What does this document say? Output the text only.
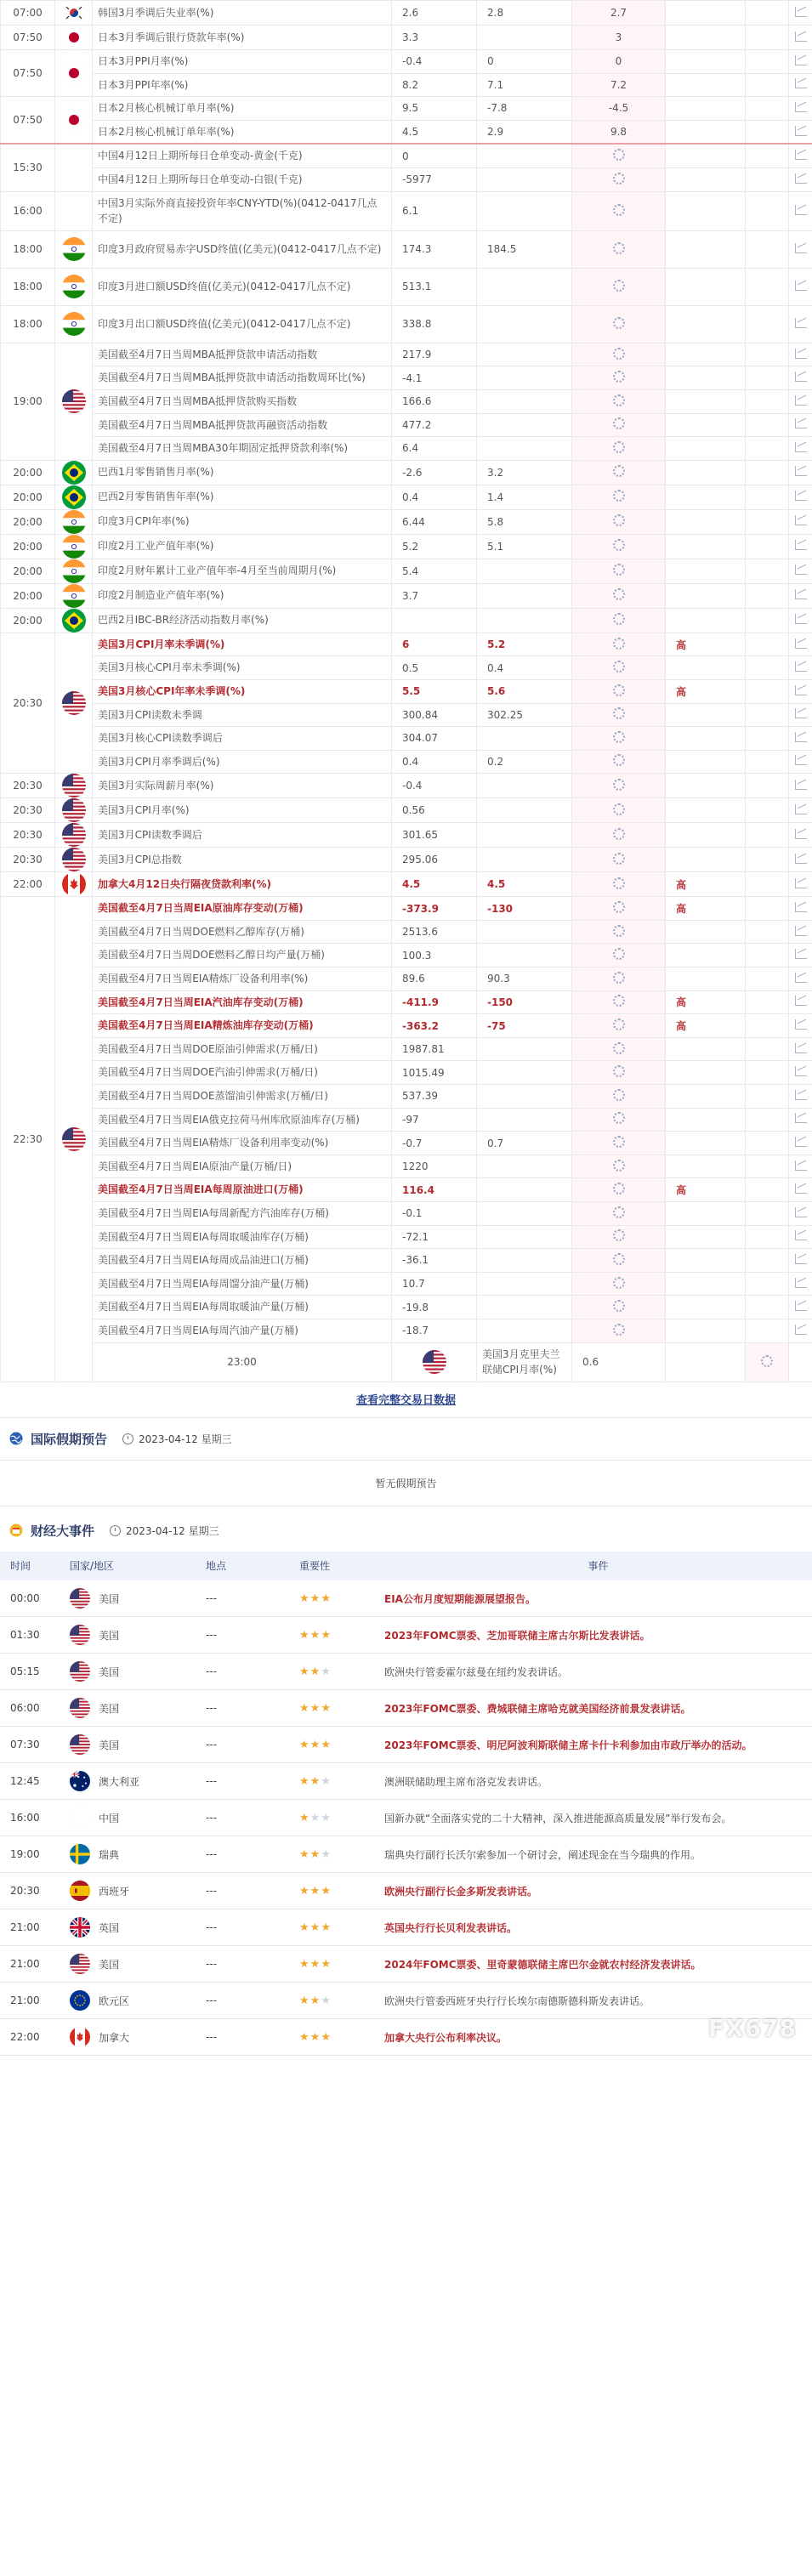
07:00		韩国3月季调后失业率(%)	2.6	2.8	2.7				
07:50		日本3月季调后银行贷款年率(%)	3.3		3				
07:50		日本3月PPI月率(%)	-0.4	0	0				
		日本3月PPI年率(%)	8.2	7.1	7.2				
07:50		日本2月核心机械订单月率(%)	9.5	-7.8	-4.5				
		日本2月核心机械订单年率(%)	4.5	2.9	9.8				
15:30		中国4月12日上期所每日仓单变动-黄金(千克)	0						
		中国4月12日上期所每日仓单变动-白银(千克)	-5977						
16:00		中国3月实际外商直接投资年率CNY-YTD(%)(0412-0417几点不定)	6.1						
18:00		印度3月政府贸易赤字USD终值(亿美元)(0412-0417几点不定)	174.3	184.5					
18:00		印度3月进口额USD终值(亿美元)(0412-0417几点不定)	513.1						
18:00		印度3月出口额USD终值(亿美元)(0412-0417几点不定)	338.8						
19:00		美国截至4月7日当周MBA抵押贷款申请活动指数	217.9						
		美国截至4月7日当周MBA抵押贷款申请活动指数周环比(%)	-4.1						
		美国截至4月7日当周MBA抵押贷款购买指数	166.6						
		美国截至4月7日当周MBA抵押贷款再融资活动指数	477.2						
		美国截至4月7日当周MBA30年期固定抵押贷款利率(%)	6.4						
20:00		巴西1月零售销售月率(%)	-2.6	3.2					
20:00		巴西2月零售销售年率(%)	0.4	1.4					
20:00		印度3月CPI年率(%)	6.44	5.8					
20:00		印度2月工业产值年率(%)	5.2	5.1					
20:00		印度2月财年累计工业产值年率-4月至当前周期月(%)	5.4						
20:00		印度2月制造业产值年率(%)	3.7						
20:00		巴西2月IBC-BR经济活动指数月率(%)							
20:30		美国3月CPI月率未季调(%)	6	5.2		高			
		美国3月核心CPI月率未季调(%)	0.5	0.4					
		美国3月核心CPI年率未季调(%)	5.5	5.6		高			
		美国3月CPI读数未季调	300.84	302.25					
		美国3月核心CPI读数季调后	304.07						
		美国3月CPI月率季调后(%)	0.4	0.2					
20:30		美国3月实际周薪月率(%)	-0.4						
20:30		美国3月CPI月率(%)	0.56						
20:30		美国3月CPI读数季调后	301.65						
20:30		美国3月CPI总指数	295.06						
22:00		加拿大4月12日央行隔夜贷款利率(%)	4.5	4.5		高			
22:30		美国截至4月7日当周EIA原油库存变动(万桶)	-373.9	-130		高			
		美国截至4月7日当周DOE燃料乙醇库存(万桶)	2513.6						
		美国截至4月7日当周DOE燃料乙醇日均产量(万桶)	100.3						
		美国截至4月7日当周EIA精炼厂设备利用率(%)	89.6	90.3					
		美国截至4月7日当周EIA汽油库存变动(万桶)	-411.9	-150		高			
		美国截至4月7日当周EIA精炼油库存变动(万桶)	-363.2	-75		高			
		美国截至4月7日当周DOE原油引伸需求(万桶/日)	1987.81						
		美国截至4月7日当周DOE汽油引伸需求(万桶/日)	1015.49						
		美国截至4月7日当周DOE蒸馏油引伸需求(万桶/日)	537.39						
		美国截至4月7日当周EIA俄克拉荷马州库欣原油库存(万桶)	-97						
		美国截至4月7日当周EIA精炼厂设备利用率变动(%)	-0.7	0.7					
		美国截至4月7日当周EIA原油产量(万桶/日)	1220						
		美国截至4月7日当周EIA每周原油进口(万桶)	116.4			高			
		美国截至4月7日当周EIA每周新配方汽油库存(万桶)	-0.1						
		美国截至4月7日当周EIA每周取暖油库存(万桶)	-72.1						
		美国截至4月7日当周EIA每周成品油进口(万桶)	-36.1						
		美国截至4月7日当周EIA每周馏分油产量(万桶)	10.7						
		美国截至4月7日当周EIA每周取暖油产量(万桶)	-19.8						
		美国截至4月7日当周EIA每周汽油产量(万桶)	-18.7						
		23:00		美国3月克里夫兰联储CPI月率(%)	0.6					
查看完整交易日数据
国际假期预告	2023-04-12 星期三
暂无假期预告
财经大事件	2023-04-12 星期三
时间	国家/地区	地点	重要性	事件
00:00	美国	---	★★★	EIA公布月度短期能源展望报告。
01:30	美国	---	★★★	2023年FOMC票委、芝加哥联储主席古尔斯比发表讲话。
05:15	美国	---	★★★	欧洲央行管委霍尔兹曼在纽约发表讲话。
06:00	美国	---	★★★	2023年FOMC票委、费城联储主席哈克就美国经济前景发表讲话。
07:30	美国	---	★★★	2023年FOMC票委、明尼阿波利斯联储主席卡什卡利参加由市政厅举办的活动。
12:45	澳大利亚	---	★★★	澳洲联储助理主席布洛克发表讲话。
16:00	中国	---	★★★	国新办就“全面落实党的二十大精神，深入推进能源高质量发展”举行发布会。
19:00	瑞典	---	★★★	瑞典央行副行长沃尔索参加一个研讨会，阐述现金在当今瑞典的作用。
20:30	西班牙	---	★★★	欧洲央行副行长金多斯发表讲话。
21:00	英国	---	★★★	英国央行行长贝利发表讲话。
21:00	美国	---	★★★	2024年FOMC票委、里奇蒙德联储主席巴尔金就农村经济发表讲话。
21:00	欧元区	---	★★★	欧洲央行管委西班牙央行行长埃尔南德斯德科斯发表讲话。
22:00	加拿大	---	★★★	加拿大央行公布利率决议。	FX678
